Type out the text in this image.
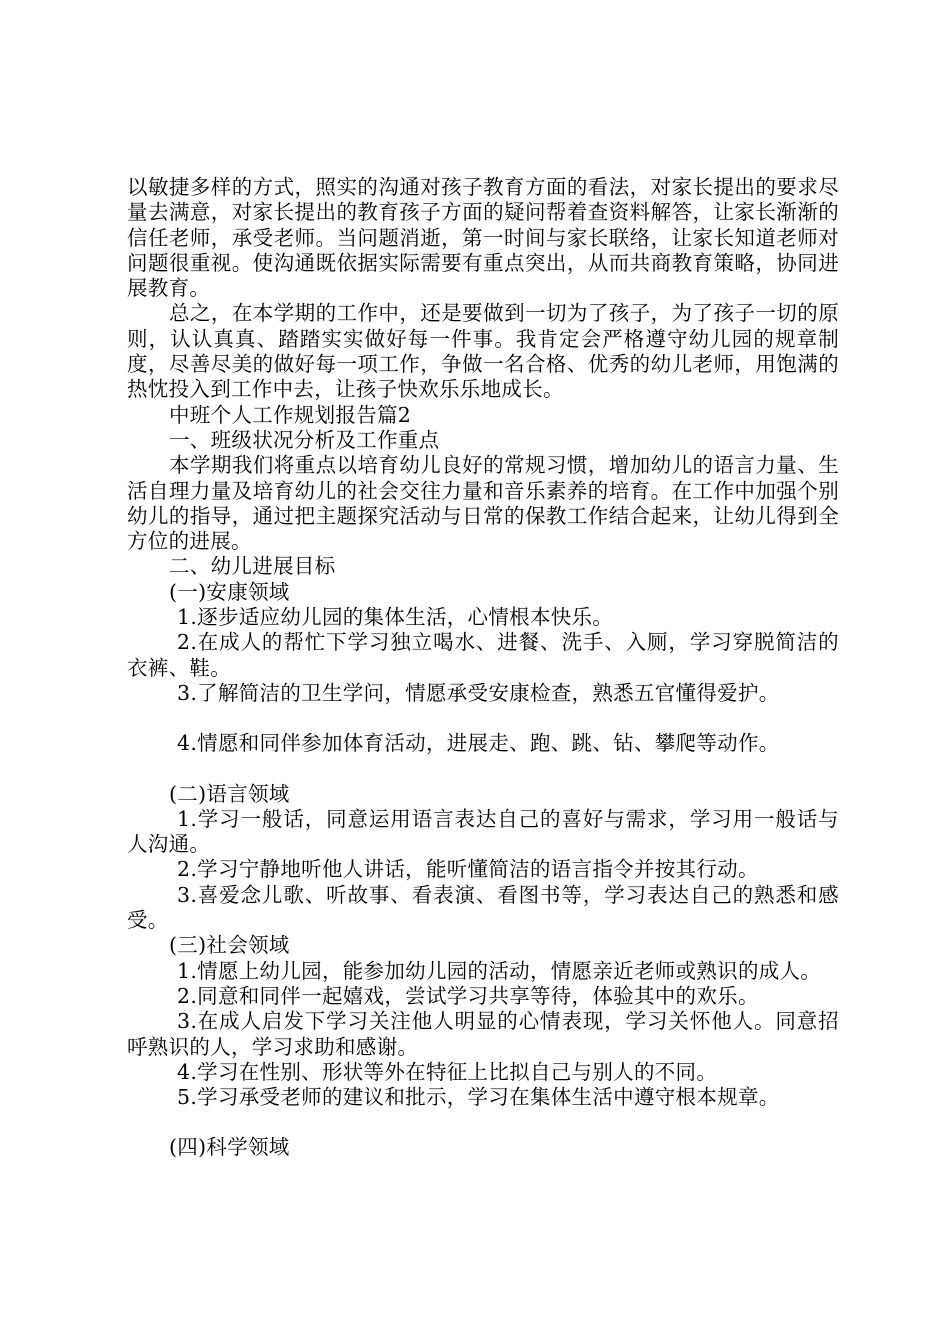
以敏捷多样的方式，照实的沟通对孩子教育方面的看法，对家长提出的要求尽量去满意，对家长提出的教育孩子方面的疑问帮着查资料解答，让家长渐渐的信任老师，承受老师。当问题消逝，第一时间与家长联络，让家长知道老师对问题很重视。使沟通既依据实际需要有重点突出，从而共商教育策略，协同进展教育。

总之，在本学期的工作中，还是要做到一切为了孩子，为了孩子一切的原则，认认真真、踏踏实实做好每一件事。我肯定会严格遵守幼儿园的规章制度，尽善尽美的做好每一项工作，争做一名合格、优秀的幼儿老师，用饱满的热忱投入到工作中去，让孩子快欢乐乐地成长。

中班个人工作规划报告篇2

一、班级状况分析及工作重点

本学期我们将重点以培育幼儿良好的常规习惯，增加幼儿的语言力量、生活自理力量及培育幼儿的社会交往力量和音乐素养的培育。在工作中加强个别幼儿的指导，通过把主题探究活动与日常的保教工作结合起来，让幼儿得到全方位的进展。

二、幼儿进展目标

(一)安康领域

1.逐步适应幼儿园的集体生活，心情根本快乐。

2.在成人的帮忙下学习独立喝水、进餐、洗手、入厕，学习穿脱简洁的衣裤、鞋。

3.了解简洁的卫生学问，情愿承受安康检查，熟悉五官懂得爱护。

4.情愿和同伴参加体育活动，进展走、跑、跳、钻、攀爬等动作。

(二)语言领域

1.学习一般话，同意运用语言表达自己的喜好与需求，学习用一般话与人沟通。

2.学习宁静地听他人讲话，能听懂简洁的语言指令并按其行动。

3.喜爱念儿歌、听故事、看表演、看图书等，学习表达自己的熟悉和感受。

(三)社会领域

1.情愿上幼儿园，能参加幼儿园的活动，情愿亲近老师或熟识的成人。

2.同意和同伴一起嬉戏，尝试学习共享等待，体验其中的欢乐。

3.在成人启发下学习关注他人明显的心情表现，学习关怀他人。同意招呼熟识的人，学习求助和感谢。

4.学习在性别、形状等外在特征上比拟自己与别人的不同。

5.学习承受老师的建议和批示，学习在集体生活中遵守根本规章。

(四)科学领域
